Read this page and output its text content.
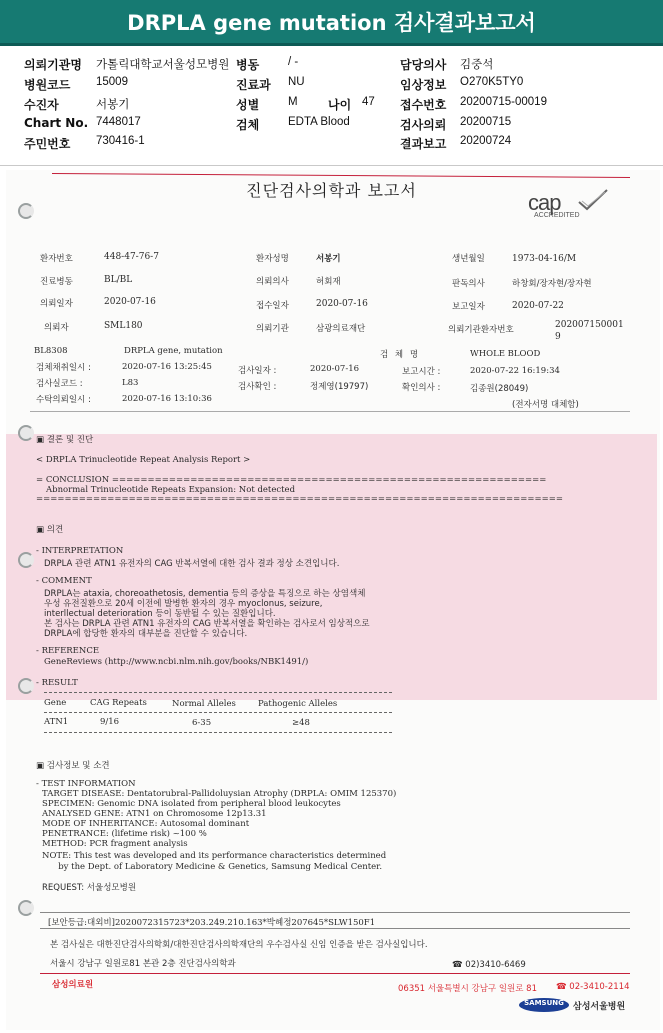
DRPLA gene mutation 검사결과보고서
의뢰기관명 가톨릭대학교서울성모병원 병동	/ -	담당의사 김중석
병원코드 15009	진료과 NU	임상정보 O270K5TY0
수진자	서봉기	성별	M	나이 47 접수번호 20200715-00019
Chart No. 7448017	검체	EDTA Blood	검사의뢰 20200715
주민번호 730416-1	결과보고 20200724
진단검사의학과 보고서	cap
ACCREDITED
환자번호	448-47-76-7	환자성명	서봉기	생년월일	1973-04-16/M
진료병동	BL/BL	의뢰의사	허회재	판독의사	하창회/장자현/장자현
의뢰일자	2020-07-16	접수일자	2020-07-16	보고일자	2020-07-22
의뢰자	SML180	의뢰기관	삼광의료재단	의뢰기관환자번호	202007150001
9
BL8308	DRPLA gene, mutation	검 체 명	WHOLE BLOOD
검체채취일시 :	2020-07-16 13:25:45	검사일자 :	2020-07-16	보고시간 :	2020-07-22 16:19:34
검사실코드 :	L83	검사확인 :	정제영(19797)	확인의사 :	김종원(28049)
수탁의뢰일시 :	2020-07-16 13:10:36
(전자서명 대체함)
▣ 결론 및 진단
< DRPLA Trinucleotide Repeat Analysis Report >
= CONCLUSION =============================================================
Abnormal Trinucleotide Repeats Expansion: Not detected
==========================================================================
▣ 의견
- INTERPRETATION
DRPLA 관련 ATN1 유전자의 CAG 반복서열에 대한 검사 결과 정상 소견입니다.
- COMMENT
DRPLA는 ataxia, choreoathetosis, dementia 등의 증상을 특징으로 하는 상염색체
우성 유전질환으로 20세 이전에 발병한 환자의 경우 myoclonus, seizure,
interllectual deterioration 등이 동반될 수 있는 질환입니다.
본 검사는 DRPLA 관련 ATN1 유전자의 CAG 반복서열을 확인하는 검사로서 임상적으로
DRPLA에 합당한 환자의 대부분을 진단할 수 있습니다.
- REFERENCE
GeneReviews (http://www.ncbi.nlm.nih.gov/books/NBK1491/)
- RESULT
Gene	CAG Repeats	Normal Alleles	Pathogenic Alleles
ATN1	9/16	6-35	≥48
▣ 검사정보 및 소견
- TEST INFORMATION
TARGET DISEASE: Dentatorubral-Pallidoluysian Atrophy (DRPLA: OMIM 125370)
SPECIMEN: Genomic DNA isolated from peripheral blood leukocytes
ANALYSED GENE: ATN1 on Chromosome 12p13.31
MODE OF INHERITANCE: Autosomal dominant
PENETRANCE: (lifetime risk) ~100 %
METHOD: PCR fragment analysis
NOTE: This test was developed and its performance characteristics determined
by the Dept. of Laboratory Medicine & Genetics, Samsung Medical Center.
REQUEST: 서울성모병원
[보안등급:대외비]2020072315723*203.249.210.163*박혜정207645*SLW150F1
본 검사실은 대한진단검사의학회/대한진단검사의학재단의 우수검사실 신임 인증을 받은 검사실입니다.
서울시 강남구 일원로81 본관 2층 진단검사의학과	☎ 02)3410-6469
삼성의료원	06351 서울특별시 강남구 일원로 81 ☎ 02-3410-2114
SAMSUNG	삼성서울병원
